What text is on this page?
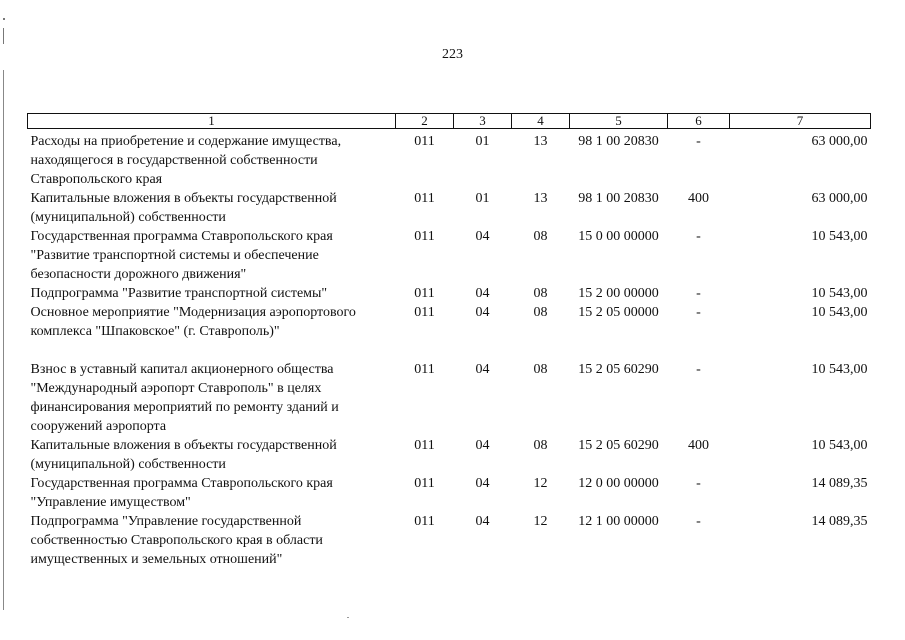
223
1	2	3	4	5	6	7
Расходы на приобретение и содержание имущества, находящегося в государственной собственности Ставропольского края	011	01	13	98 1 00 20830	-	63 000,00
Капитальные вложения в объекты государственной (муниципальной) собственности	011	01	13	98 1 00 20830	400	63 000,00
Государственная программа Ставропольского края "Развитие транспортной системы и обеспечение безопасности дорожного движения"	011	04	08	15 0 00 00000	-	10 543,00
Подпрограмма "Развитие транспортной системы"	011	04	08	15 2 00 00000	-	10 543,00
Основное мероприятие "Модернизация аэропортового комплекса "Шпаковское" (г. Ставрополь)"	011	04	08	15 2 05 00000	-	10 543,00

Взнос в уставный капитал акционерного общества "Международный аэропорт Ставрополь" в целях финансирования мероприятий по ремонту зданий и сооружений аэропорта	011	04	08	15 2 05 60290	-	10 543,00
Капитальные вложения в объекты государственной (муниципальной) собственности	011	04	08	15 2 05 60290	400	10 543,00
Государственная программа Ставропольского края "Управление имуществом"	011	04	12	12 0 00 00000	-	14 089,35
Подпрограмма "Управление государственной собственностью Ставропольского края в области имущественных и земельных отношений"	011	04	12	12 1 00 00000	-	14 089,35
